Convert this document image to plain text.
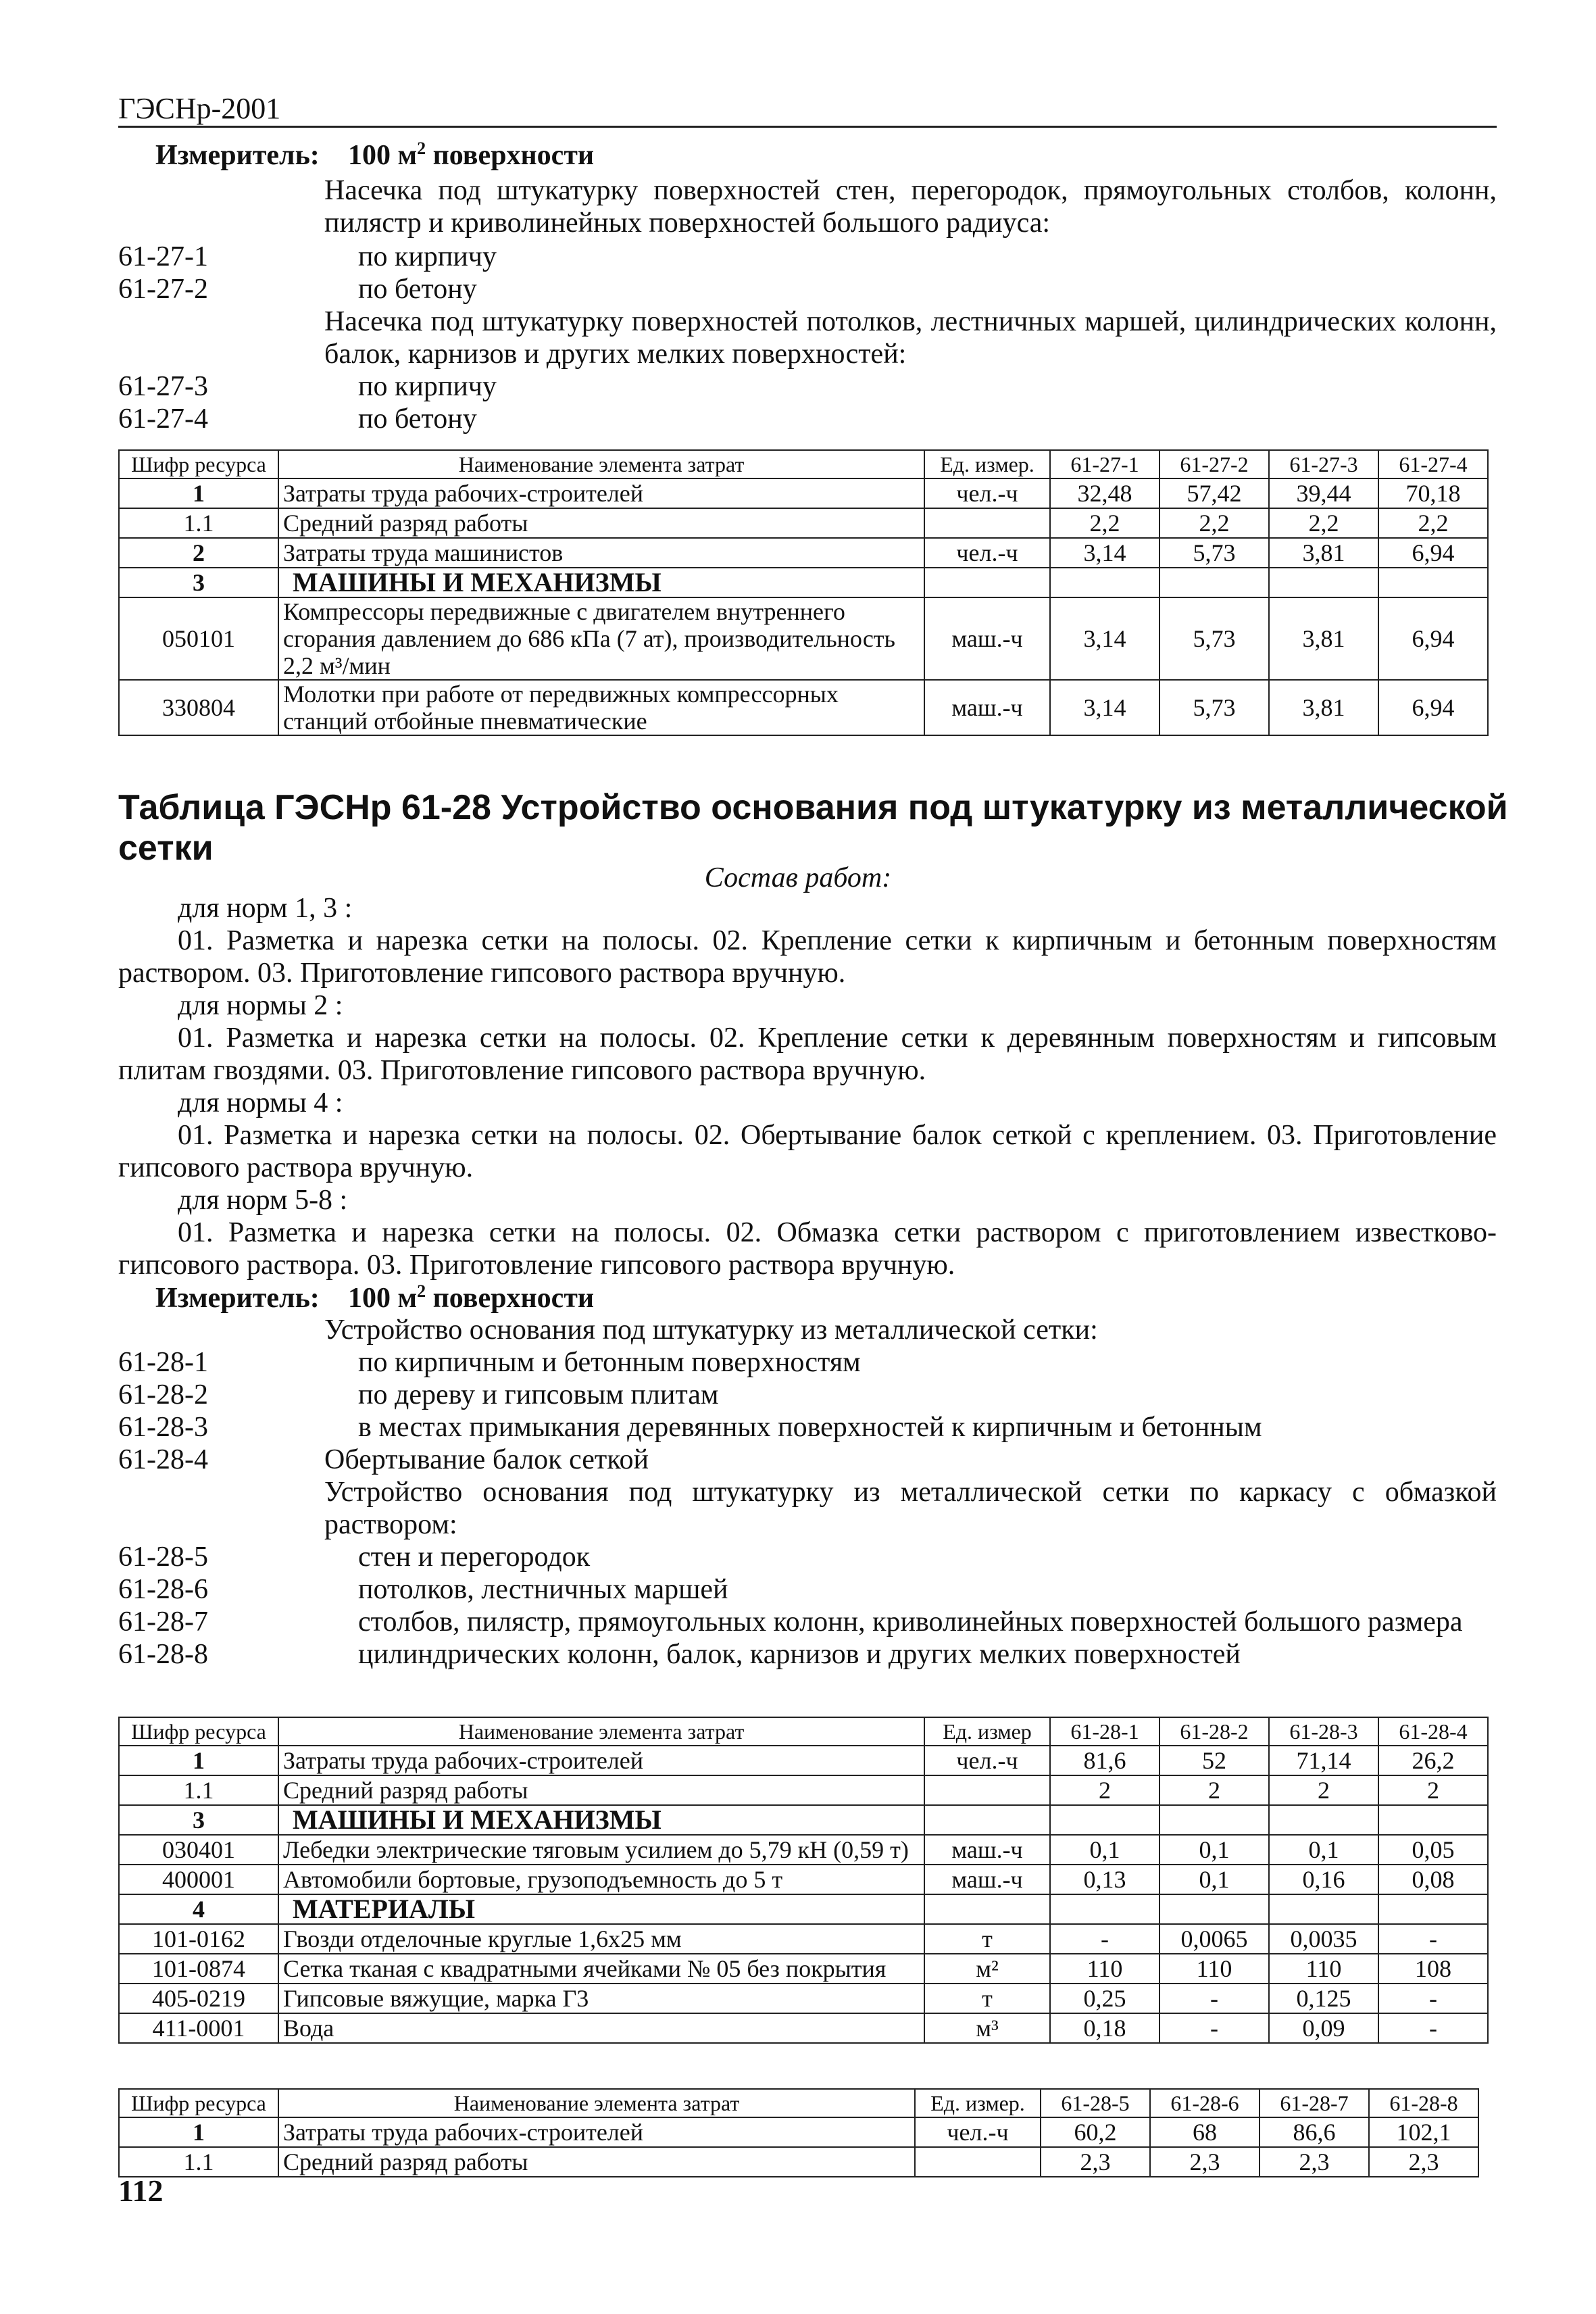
ГЭСНр-2001
Измеритель: 100 $м^2$ поверхности
Насечка под штукатурку поверхностей стен, перегородок, прямоугольных столбов, колонн, пилястр и криволинейных поверхностей большого радиуса:
61-27-1	по кирпичу
61-27-2	по бетону
Насечка под штукатурку поверхностей потолков, лестничных маршей, цилиндрических колонн, балок, карнизов и других мелких поверхностей:
61-27-3	по кирпичу
61-27-4	по бетону
Шифр ресурса	Наименование элемента затрат	Ед. измер.	61-27-1	61-27-2	61-27-3	61-27-4
1	Затраты труда рабочих-строителей	чел.-ч	32,48	57,42	39,44	70,18
1.1	Средний разряд работы		2,2	2,2	2,2	2,2
2	Затраты труда машинистов	чел.-ч	3,14	5,73	3,81	6,94
3	МАШИНЫ И МЕХАНИЗМЫ					
050101	Компрессоры передвижные с двигателем внутреннего сгорания давлением до 686 кПа (7 ат), производительность 2,2 м³/мин	маш.-ч	3,14	5,73	3,81	6,94
330804	Молотки при работе от передвижных компрессорных станций отбойные пневматические	маш.-ч	3,14	5,73	3,81	6,94
Таблица ГЭСНр 61-28 Устройство основания под штукатурку из металлической сетки
Состав работ:
для норм 1, 3 :
01. Разметка и нарезка сетки на полосы. 02. Крепление сетки к кирпичным и бетонным поверхностям раствором. 03. Приготовление гипсового раствора вручную.
для нормы 2 :
01. Разметка и нарезка сетки на полосы. 02. Крепление сетки к деревянным поверхностям и гипсовым плитам гвоздями. 03. Приготовление гипсового раствора вручную.
для нормы 4 :
01. Разметка и нарезка сетки на полосы. 02. Обертывание балок сеткой с креплением. 03. Приготовление гипсового раствора вручную.
для норм 5-8 :
01. Разметка и нарезка сетки на полосы. 02. Обмазка сетки раствором с приготовлением известково-гипсового раствора. 03. Приготовление гипсового раствора вручную.
Измеритель: 100 $м^2$ поверхности
Устройство основания под штукатурку из металлической сетки:
61-28-1	по кирпичным и бетонным поверхностям
61-28-2	по дереву и гипсовым плитам
61-28-3	в местах примыкания деревянных поверхностей к кирпичным и бетонным
61-28-4	Обертывание балок сеткой
Устройство основания под штукатурку из металлической сетки по каркасу с обмазкой раствором:
61-28-5	стен и перегородок
61-28-6	потолков, лестничных маршей
61-28-7	столбов, пилястр, прямоугольных колонн, криволинейных поверхностей большого размера
61-28-8	цилиндрических колонн, балок, карнизов и других мелких поверхностей
Шифр ресурса	Наименование элемента затрат	Ед. измер	61-28-1	61-28-2	61-28-3	61-28-4
1	Затраты труда рабочих-строителей	чел.-ч	81,6	52	71,14	26,2
1.1	Средний разряд работы		2	2	2	2
3	МАШИНЫ И МЕХАНИЗМЫ					
030401	Лебедки электрические тяговым усилием до 5,79 кН (0,59 т)	маш.-ч	0,1	0,1	0,1	0,05
400001	Автомобили бортовые, грузоподъемность до 5 т	маш.-ч	0,13	0,1	0,16	0,08
4	МАТЕРИАЛЫ					
101-0162	Гвозди отделочные круглые 1,6х25 мм	т	-	0,0065	0,0035	-
101-0874	Сетка тканая с квадратными ячейками № 05 без покрытия	м²	110	110	110	108
405-0219	Гипсовые вяжущие, марка Г3	т	0,25	-	0,125	-
411-0001	Вода	м³	0,18	-	0,09	-
Шифр ресурса	Наименование элемента затрат	Ед. измер.	61-28-5	61-28-6	61-28-7	61-28-8
1	Затраты труда рабочих-строителей	чел.-ч	60,2	68	86,6	102,1
1.1	Средний разряд работы		2,3	2,3	2,3	2,3
112
